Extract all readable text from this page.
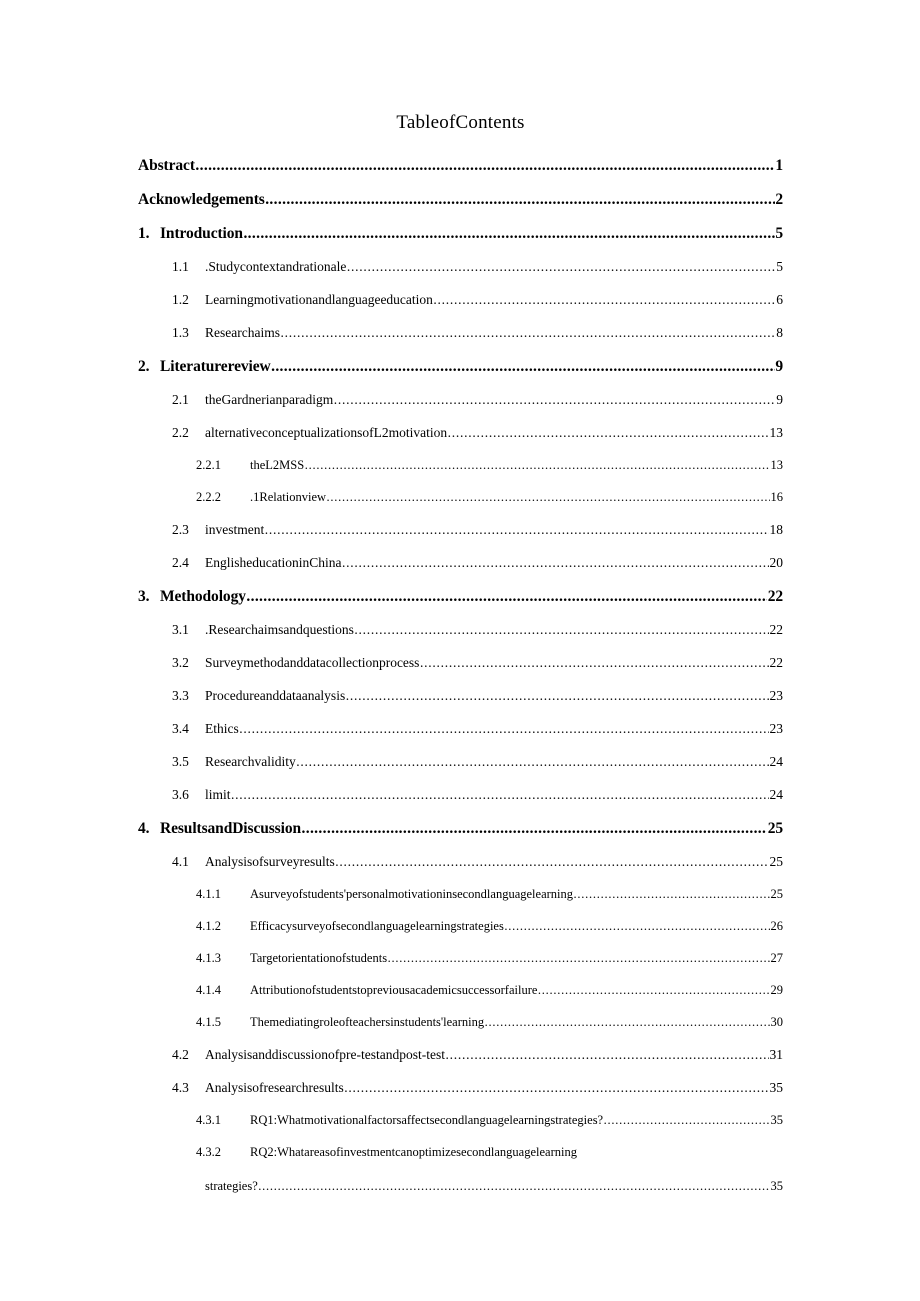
TableofContents
Abstract .....	1
Acknowledgements .....	2
1. Introduction .....	5
1.1	.Studycontextandrationale .....	5
1.2	Learningmotivationandlanguageeducation .....	6
1.3	Researchaims .....	8
2. Literaturereview .....	9
2.1	theGardnerianparadigm .....	9
2.2	alternativeconceptualizationsofL2motivation .....	13
2.2.1	theL2MSS .....	13
2.2.2	.1Relationview .....	16
2.3	investment .....	18
2.4	EnglisheducationinChina .....	20
3. Methodology .....	22
3.1	.Researchaimsandquestions .....	22
3.2	Surveymethodanddatacollectionprocess .....	22
3.3	Procedureanddataanalysis .....	23
3.4	Ethics .....	23
3.5	Researchvalidity .....	24
3.6	limit .....	24
4. ResultsandDiscussion .....	25
4.1	Analysisofsurveyresults .....	25
4.1.1	Asurveyofstudents'personalmotivationinsecondlanguagelearning .....	25
4.1.2	Efficacysurveyofsecondlanguagelearningstrategies .....	26
4.1.3	Targetorientationofstudents .....	27
4.1.4	Attributionofstudentstopreviousacademicsuccessorfailure .....	29
4.1.5	Themediatingroleofteachersinstudents'learning .....	30
4.2	Analysisanddiscussionofpre-testandpost-test .....	31
4.3	Analysisofresearchresults .....	35
4.3.1	RQ1:Whatmotivationalfactorsaffectsecondlanguagelearningstrategies? .....	35
4.3.2	RQ2:Whatareasofinvestmentcanoptimizesecondlanguagelearning
strategies? .....	35
